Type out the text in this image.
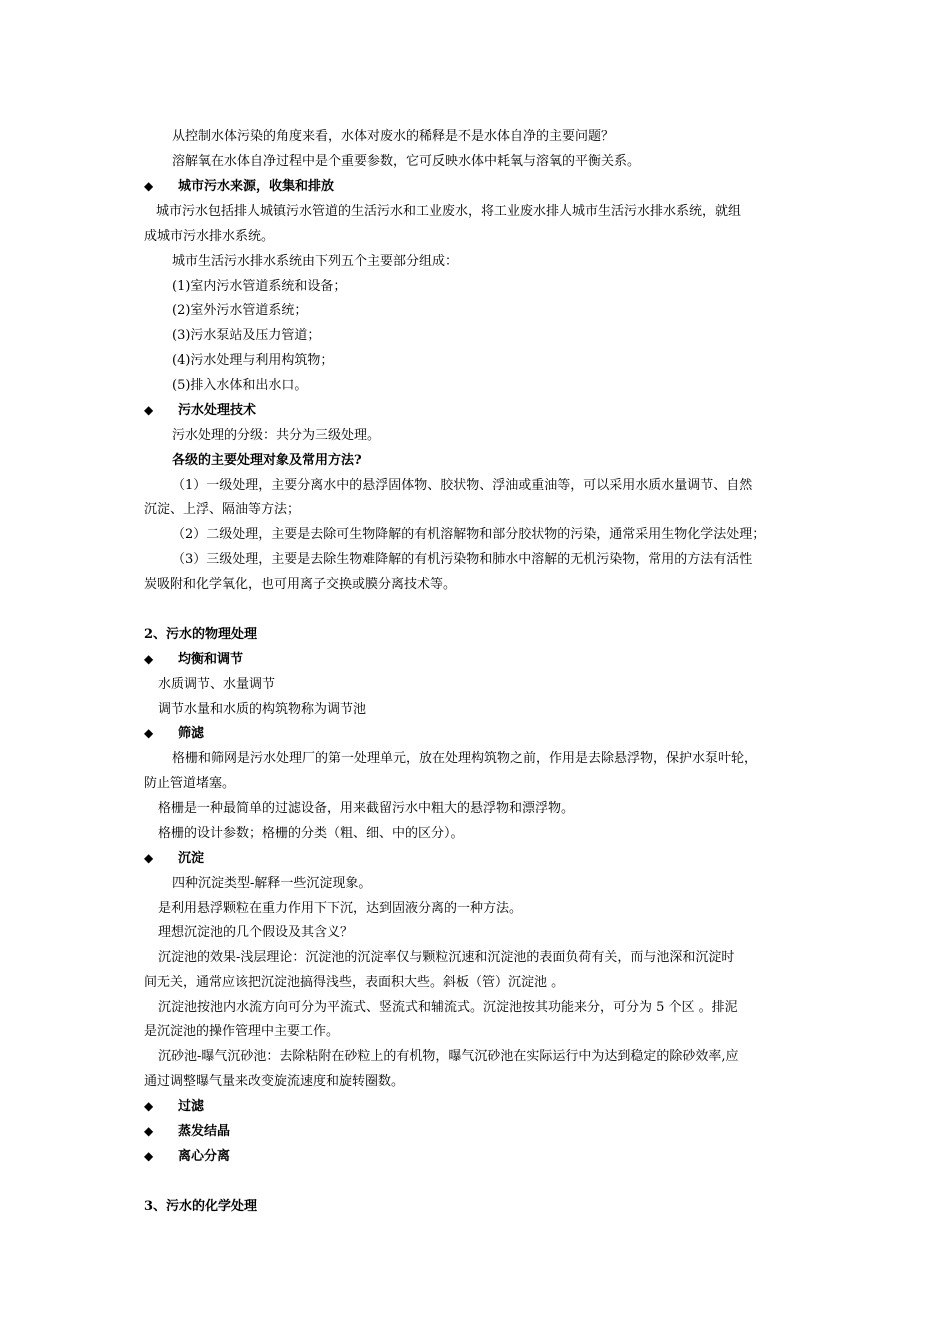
从控制水体污染的角度来看，水体对废水的稀释是不是水体自净的主要问题？
溶解氧在水体自净过程中是个重要参数，它可反映水体中耗氧与溶氧的平衡关系。
◆ 城市污水来源，收集和排放
城市污水包括排人城镇污水管道的生活污水和工业废水，将工业废水排人城市生活污水排水系统，就组
成城市污水排水系统。
城市生活污水排水系统由下列五个主要部分组成：
(1)室内污水管道系统和设备；
(2)室外污水管道系统；
(3)污水泵站及压力管道；
(4)污水处理与利用构筑物；
(5)排入水体和出水口。
◆ 污水处理技术
污水处理的分级：共分为三级处理。
各级的主要处理对象及常用方法?
（1）一级处理，主要分离水中的悬浮固体物、胶状物、浮油或重油等，可以采用水质水量调节、自然
沉淀、上浮、隔油等方法；
（2）二级处理，主要是去除可生物降解的有机溶解物和部分胶状物的污染，通常采用生物化学法处理；
（3）三级处理，主要是去除生物难降解的有机污染物和肺水中溶解的无机污染物，常用的方法有活性
炭吸附和化学氧化，也可用离子交换或膜分离技术等。
2、污水的物理处理
◆ 均衡和调节
水质调节、水量调节
调节水量和水质的构筑物称为调节池
◆ 筛滤
格栅和筛网是污水处理厂的第一处理单元，放在处理构筑物之前，作用是去除悬浮物，保护水泵叶轮，
防止管道堵塞。
格栅是一种最简单的过滤设备，用来截留污水中粗大的悬浮物和漂浮物。
格栅的设计参数；格栅的分类（粗、细、中的区分）。
◆ 沉淀
四种沉淀类型-解释一些沉淀现象。
是利用悬浮颗粒在重力作用下下沉，达到固液分离的一种方法。
理想沉淀池的几个假设及其含义？
沉淀池的效果-浅层理论：沉淀池的沉淀率仅与颗粒沉速和沉淀池的表面负荷有关，而与池深和沉淀时
间无关，通常应该把沉淀池搞得浅些，表面积大些。斜板（管）沉淀池 。
沉淀池按池内水流方向可分为平流式、竖流式和辅流式。沉淀池按其功能来分，可分为 5 个区 。排泥
是沉淀池的操作管理中主要工作。
沉砂池-曝气沉砂池：去除粘附在砂粒上的有机物，曝气沉砂池在实际运行中为达到稳定的除砂效率,应
通过调整曝气量来改变旋流速度和旋转圈数。
◆ 过滤
◆ 蒸发结晶
◆ 离心分离
3、污水的化学处理
